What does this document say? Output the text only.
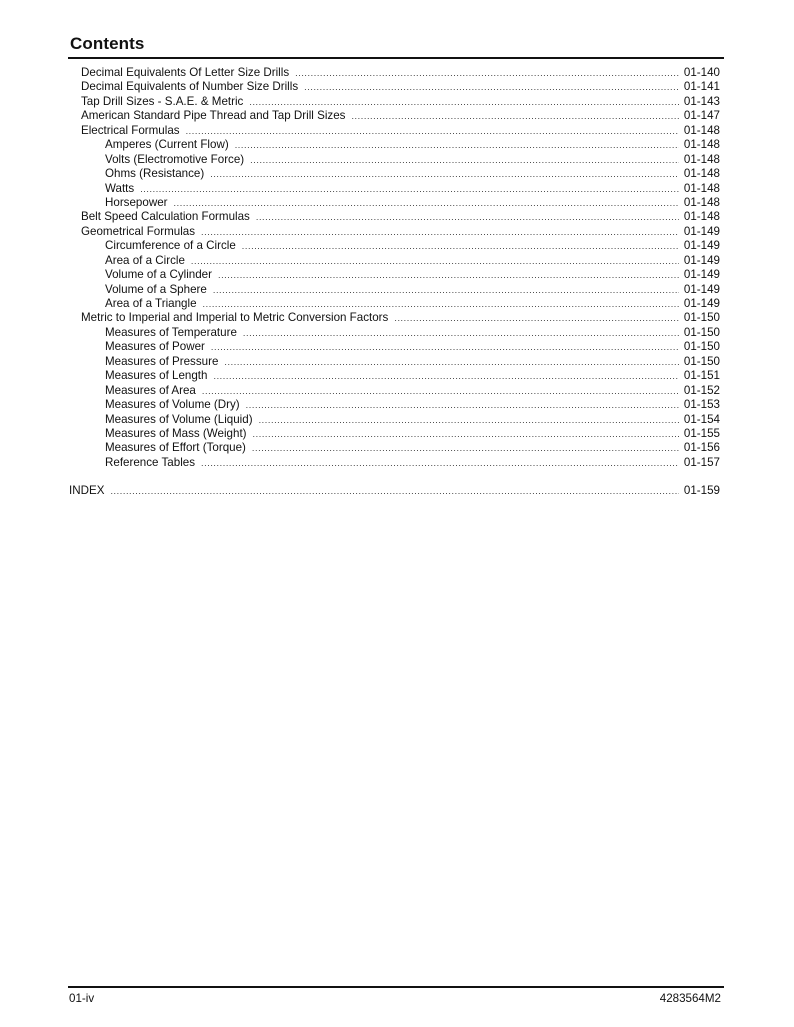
Contents
Decimal Equivalents Of Letter Size Drills .....	01-140
Decimal Equivalents of Number Size Drills .....	01-141
Tap Drill Sizes - S.A.E. & Metric .....	01-143
American Standard Pipe Thread and Tap Drill Sizes .....	01-147
Electrical Formulas .....	01-148
Amperes (Current Flow) .....	01-148
Volts (Electromotive Force) .....	01-148
Ohms (Resistance) .....	01-148
Watts .....	01-148
Horsepower .....	01-148
Belt Speed Calculation Formulas .....	01-148
Geometrical Formulas .....	01-149
Circumference of a Circle .....	01-149
Area of a Circle .....	01-149
Volume of a Cylinder .....	01-149
Volume of a Sphere .....	01-149
Area of a Triangle .....	01-149
Metric to Imperial and Imperial to Metric Conversion Factors .....	01-150
Measures of Temperature .....	01-150
Measures of Power .....	01-150
Measures of Pressure .....	01-150
Measures of Length .....	01-151
Measures of Area .....	01-152
Measures of Volume (Dry) .....	01-153
Measures of Volume (Liquid) .....	01-154
Measures of Mass (Weight) .....	01-155
Measures of Effort (Torque) .....	01-156
Reference Tables .....	01-157
INDEX .....	01-159
01-iv	4283564M2
